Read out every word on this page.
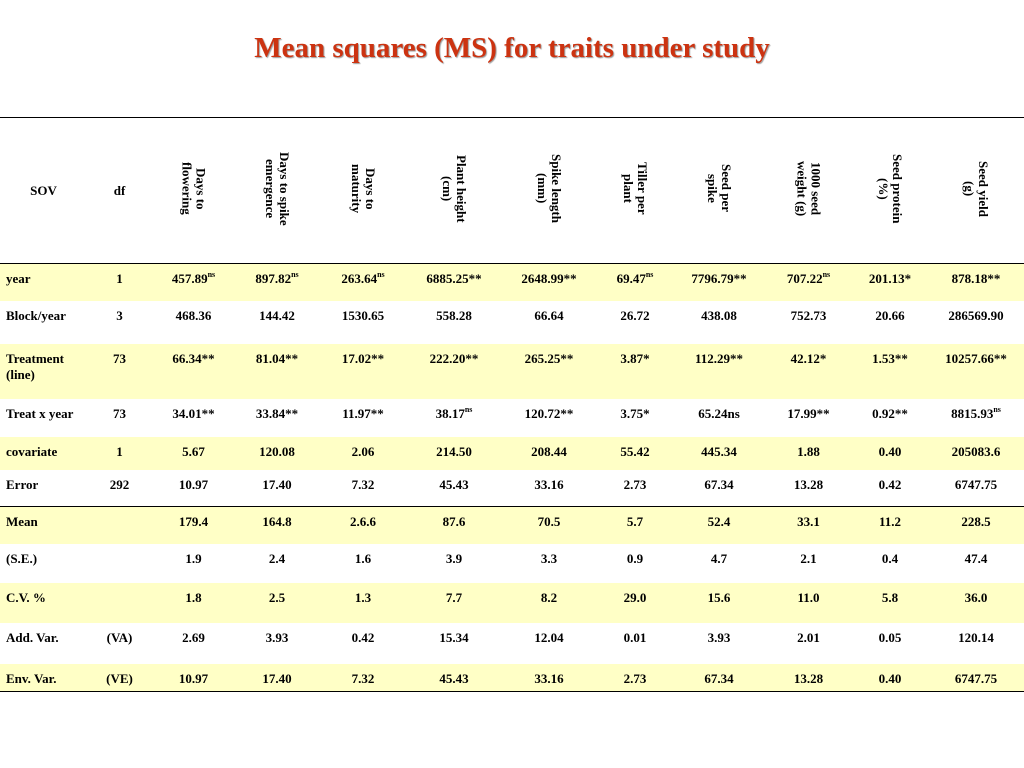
Mean squares (MS) for traits under study
SOV	df	Days to flowering	Days to spike emergence	Days to maturity	Plant height (cm)	Spike length (mm)	Tiller per plant	Seed per spike	1000 seed weight (g)	Seed protein (%)	Seed yield (g)
year	1	$457.89^{ns}$	$897.82^{ns}$	$263.64^{ns}$	6885.25**	2648.99**	$69.47^{ns}$	7796.79**	$707.22^{ns}$	201.13*	878.18**
Block/year	3	468.36	144.42	1530.65	558.28	66.64	26.72	438.08	752.73	20.66	286569.90
Treatment (line)	73	66.34**	81.04**	17.02**	222.20**	265.25**	3.87*	112.29**	42.12*	1.53**	10257.66**
Treat x year	73	34.01**	33.84**	11.97**	$38.17^{ns}$	120.72**	3.75*	65.24ns	17.99**	0.92**	$8815.93^{ns}$
covariate	1	5.67	120.08	2.06	214.50	208.44	55.42	445.34	1.88	0.40	205083.6
Error	292	10.97	17.40	7.32	45.43	33.16	2.73	67.34	13.28	0.42	6747.75
Mean		179.4	164.8	2.6.6	87.6	70.5	5.7	52.4	33.1	11.2	228.5
(S.E.)		1.9	2.4	1.6	3.9	3.3	0.9	4.7	2.1	0.4	47.4
C.V. %		1.8	2.5	1.3	7.7	8.2	29.0	15.6	11.0	5.8	36.0
Add. Var.	(VA)	2.69	3.93	0.42	15.34	12.04	0.01	3.93	2.01	0.05	120.14
Env. Var.	(VE)	10.97	17.40	7.32	45.43	33.16	2.73	67.34	13.28	0.40	6747.75
